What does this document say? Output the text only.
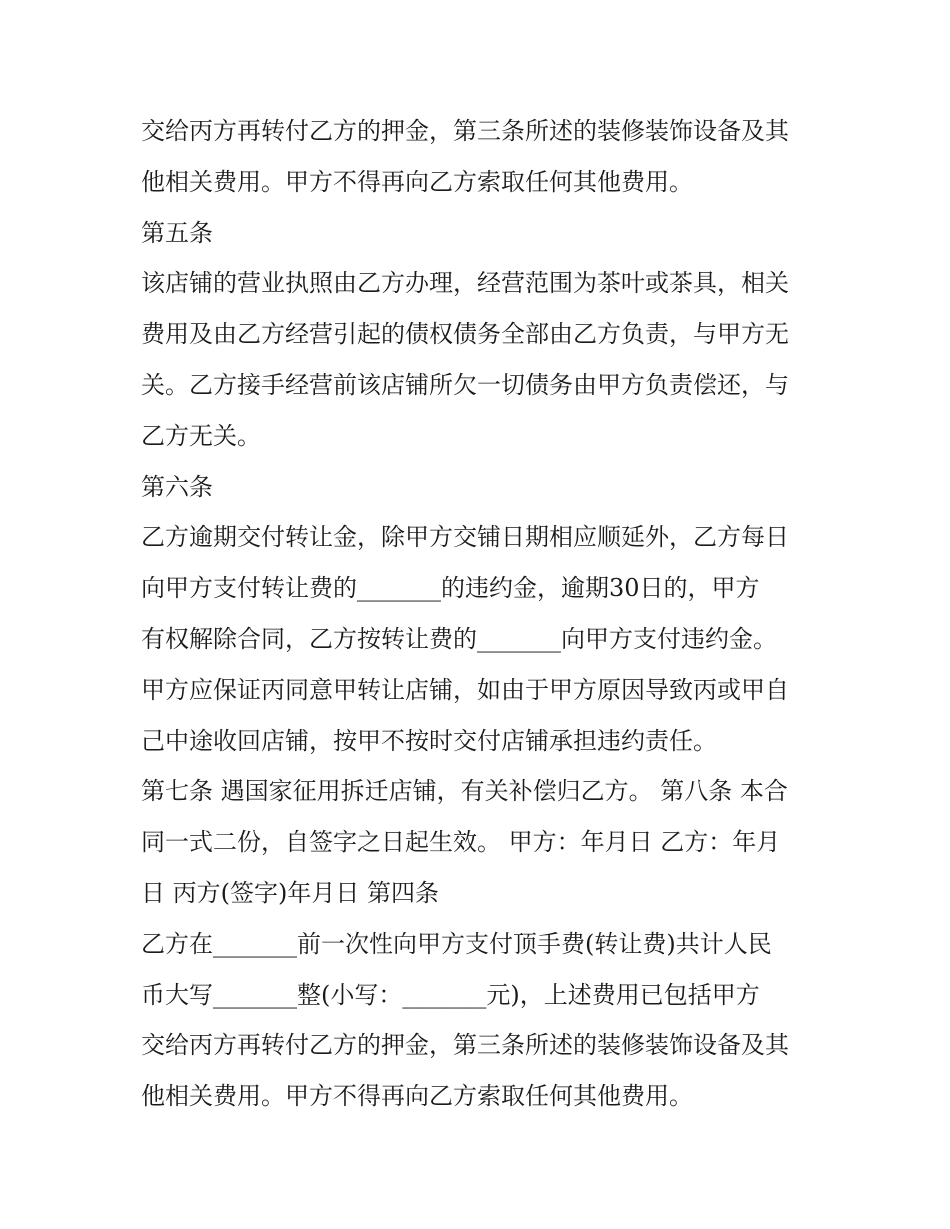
交给丙方再转付乙方的押金，第三条所述的装修装饰设备及其
他相关费用。甲方不得再向乙方索取任何其他费用。
第五条
该店铺的营业执照由乙方办理，经营范围为茶叶或茶具，相关
费用及由乙方经营引起的债权债务全部由乙方负责，与甲方无
关。乙方接手经营前该店铺所欠一切债务由甲方负责偿还，与
乙方无关。
第六条
乙方逾期交付转让金，除甲方交铺日期相应顺延外，乙方每日
向甲方支付转让费的_______的违约金，逾期30日的，甲方
有权解除合同，乙方按转让费的_______向甲方支付违约金。
甲方应保证丙同意甲转让店铺，如由于甲方原因导致丙或甲自
己中途收回店铺，按甲不按时交付店铺承担违约责任。
第七条 遇国家征用拆迁店铺，有关补偿归乙方。 第八条 本合
同一式二份，自签字之日起生效。 甲方：年月日 乙方：年月
日 丙方(签字)年月日 第四条
乙方在_______前一次性向甲方支付顶手费(转让费)共计人民
币大写_______整(小写：_______元)，上述费用已包括甲方
交给丙方再转付乙方的押金，第三条所述的装修装饰设备及其
他相关费用。甲方不得再向乙方索取任何其他费用。
